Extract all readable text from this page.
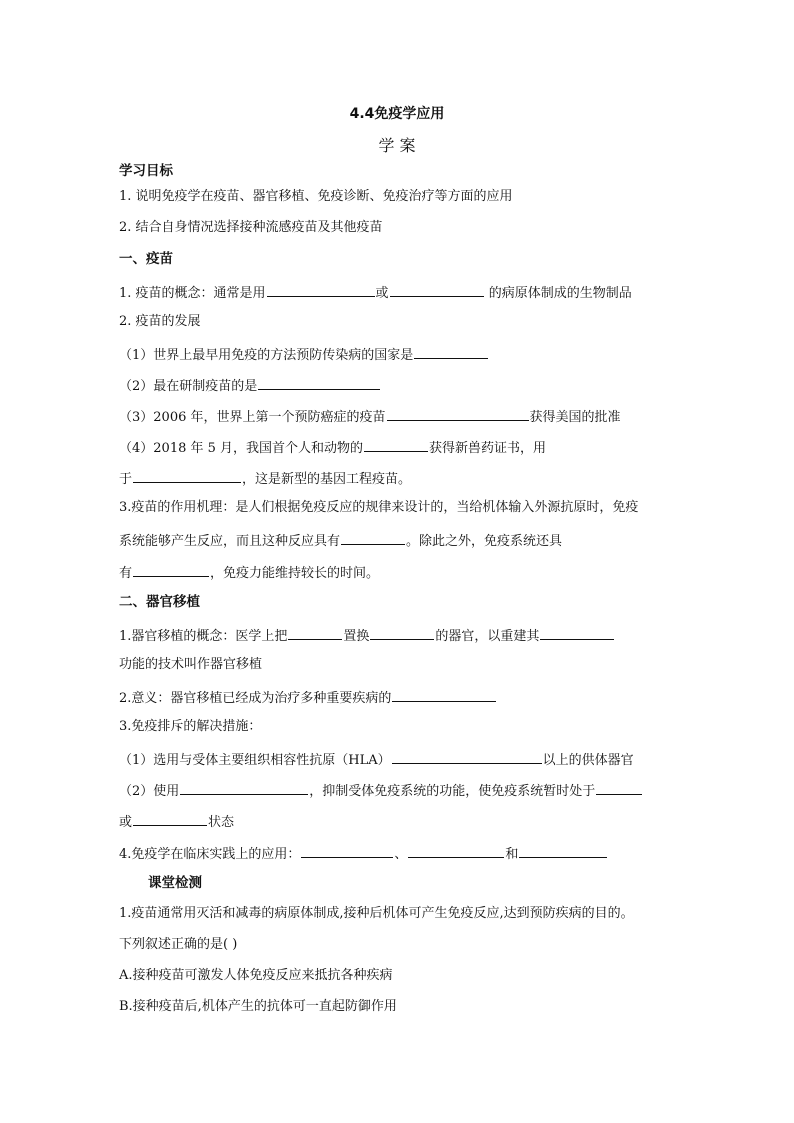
4.4免疫学应用
学 案
学习目标
1. 说明免疫学在疫苗、器官移植、免疫诊断、免疫治疗等方面的应用
2. 结合自身情况选择接种流感疫苗及其他疫苗
一、疫苗
1. 疫苗的概念：通常是用	或	的病原体制成的生物制品
2. 疫苗的发展
（1）世界上最早用免疫的方法预防传染病的国家是
（2）最在研制疫苗的是
（3）2006 年，世界上第一个预防癌症的疫苗	获得美国的批准
（4）2018 年 5 月，我国首个人和动物的	获得新兽药证书，用
于	，这是新型的基因工程疫苗。
3.疫苗的作用机理：是人们根据免疫反应的规律来设计的，当给机体输入外源抗原时，免疫
系统能够产生反应，而且这种反应具有	。除此之外，免疫系统还具
有	，免疫力能维持较长的时间。
二、器官移植
1.器官移植的概念：医学上把	置换	的器官，以重建其
功能的技术叫作器官移植
2.意义：器官移植已经成为治疗多种重要疾病的
3.免疫排斥的解决措施：
（1）选用与受体主要组织相容性抗原（HLA）	以上的供体器官
（2）使用	，抑制受体免疫系统的功能，使免疫系统暂时处于
或	状态
4.免疫学在临床实践上的应用：	、	和
课堂检测
1.疫苗通常用灭活和减毒的病原体制成,接种后机体可产生免疫反应,达到预防疾病的目的。
下列叙述正确的是( )
A.接种疫苗可激发人体免疫反应来抵抗各种疾病
B.接种疫苗后,机体产生的抗体可一直起防御作用
